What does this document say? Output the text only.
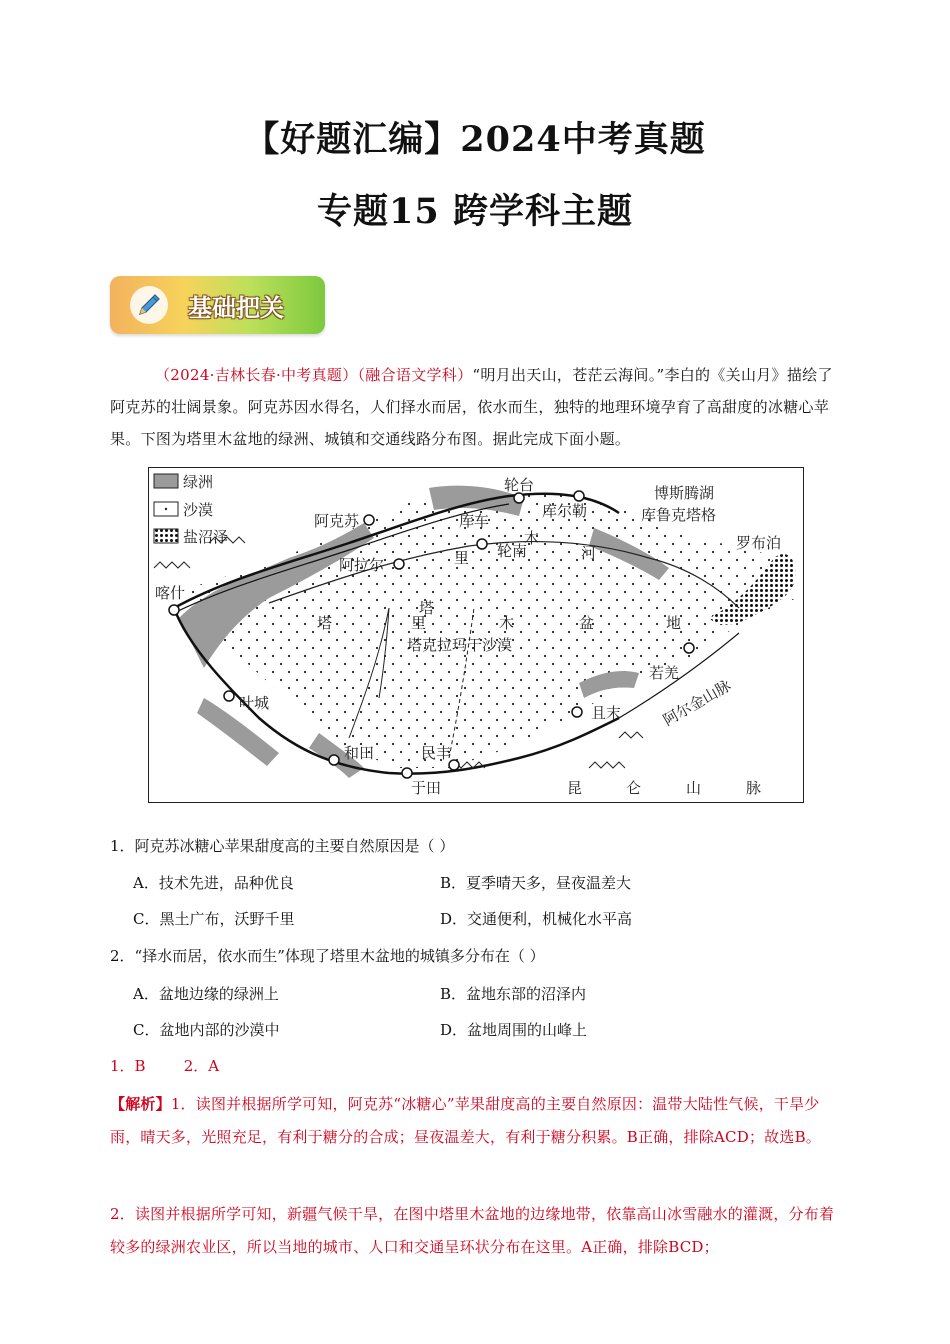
【好题汇编】2024中考真题
专题15 跨学科主题
基础把关
（2024·吉林长春·中考真题）（融合语文学科）“明月出天山，苍茫云海间。”李白的《关山月》描绘了阿克苏的壮阔景象。阿克苏因水得名，人们择水而居，依水而生，独特的地理环境孕育了高甜度的冰糖心苹果。下图为塔里木盆地的绿洲、城镇和交通线路分布图。据此完成下面小题。
绿洲
沙漠
盐沼泽
轮台
阿克苏	库车
库尔勒
博斯腾湖
库鲁克塔格
罗布泊
阿拉尔
轮南
喀什
若羌
叶城
且末
和田	民丰
于田
塔克拉玛干沙漠
塔
里
木
河
塔	里	木	盆	地
昆	仑	山	脉
阿尔金山脉
1．阿克苏冰糖心苹果甜度高的主要自然原因是（ ）
A．技术先进，品种优良	B．夏季晴天多，昼夜温差大
C．黑土广布，沃野千里	D．交通便利，机械化水平高
2．“择水而居，依水而生”体现了塔里木盆地的城镇多分布在（ ）
A．盆地边缘的绿洲上	B．盆地东部的沼泽内
C．盆地内部的沙漠中	D．盆地周围的山峰上
1．B        2．A
【解析】1．读图并根据所学可知，阿克苏“冰糖心”苹果甜度高的主要自然原因：温带大陆性气候，干旱少雨，晴天多，光照充足，有利于糖分的合成；昼夜温差大，有利于糖分积累。B正确，排除ACD；故选B。
2．读图并根据所学可知，新疆气候干旱，在图中塔里木盆地的边缘地带，依靠高山冰雪融水的灌溉，分布着较多的绿洲农业区，所以当地的城市、人口和交通呈环状分布在这里。A正确，排除BCD；
